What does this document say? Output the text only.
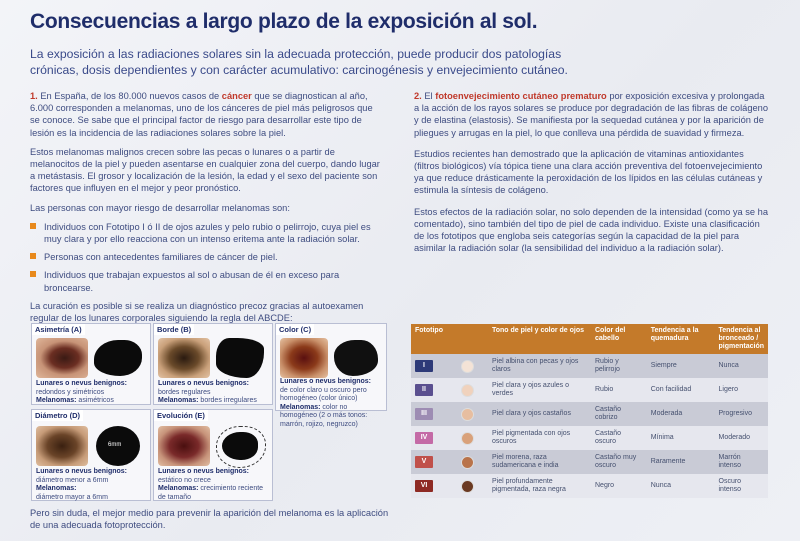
Consecuencias a largo plazo de la exposición al sol.
La exposición a las radiaciones solares sin la adecuada protección, puede producir dos patologías crónicas, dosis dependientes y con carácter acumulativo: carcinogénesis y envejecimiento cutáneo.

1. En España, de los 80.000 nuevos casos de cáncer que se diagnostican al año, 6.000 corresponden a melanomas, uno de los cánceres de piel más peligrosos que se conoce. Se sabe que el principal factor de riesgo para desarrollar este tipo de lesión es la incidencia de las radiaciones solares sobre la piel.

Estos melanomas malignos crecen sobre las pecas o lunares o a partir de melanocitos de la piel y pueden asentarse en cualquier zona del cuerpo, dando lugar a metástasis. El grosor y localización de la lesión, la edad y el sexo del paciente son factores que influyen en el mejor y peor pronóstico.

Las personas con mayor riesgo de desarrollar melanomas son:

Individuos con Fototipo I ó II de ojos azules y pelo rubio o pelirrojo, cuya piel es muy clara y por ello reacciona con un intenso eritema ante la radiación solar.
Personas con antecedentes familiares de cáncer de piel.
Individuos que trabajan expuestos al sol o abusan de él en exceso para broncearse.

La curación es posible si se realiza un diagnóstico precoz gracias al autoexamen regular de los lunares corporales siguiendo la regla del ABCDE:

Asimetría (A)
Lunares o nevus benignos:
redondos y simétricos
Melanomas: asimétricos
Borde (B)
Lunares o nevus benignos:
bordes regulares
Melanomas: bordes irregulares
Color (C)
Lunares o nevus benignos:
de color claro u oscuro pero homogéneo (color único)
Melanomas: color no homogéneo (2 o más tonos: marrón, rojizo, negruzco)
Diámetro (D)
6mm
Lunares o nevus benignos:
diámetro menor a 6mm
Melanomas:
diámetro mayor a 6mm
Evolución (E)
Lunares o nevus benignos:
estático no crece
Melanomas: crecimiento reciente de tamaño
Pero sin duda, el mejor medio para prevenir la aparición del melanoma es la aplicación de una adecuada fotoprotección.

2. El fotoenvejecimiento cutáneo prematuro por exposición excesiva y prolongada a la acción de los rayos solares se produce por degradación de las fibras de colágeno y de elastina (elastosis). Se manifiesta por la sequedad cutánea y por la aparición de pliegues y arrugas en la piel, lo que conlleva una pérdida de suavidad y firmeza.

Estudios recientes han demostrado que la aplicación de vitaminas antioxidantes (filtros biológicos) vía tópica tiene una clara acción preventiva del fotoenvejecimiento ya que reduce drásticamente la peroxidación de los lípidos en las células cutáneas y estimula la síntesis de colágeno.

Estos efectos de la radiación solar, no solo dependen de la intensidad (como ya se ha comentado), sino también del tipo de piel de cada individuo. Existe una clasificación de los fototipos que engloba seis categorías según la capacidad de la piel para asimilar la radiación solar (la sensibilidad del individuo a la radiación solar).

Fototipo	Tono de piel y color de ojos	Color del cabello	Tendencia a la quemadura	Tendencia al bronceado / pigmentación

I	Piel albina con pecas y ojos claros	Rubio y pelirrojo	Siempre	Nunca

II	Piel clara y ojos azules o verdes	Rubio	Con facilidad	Ligero

III	Piel clara y ojos castaños	Castaño cobrizo	Moderada	Progresivo

IV	Piel pigmentada con ojos oscuros	Castaño oscuro	Mínima	Moderado

V	Piel morena, raza sudamericana e india	Castaño muy oscuro	Raramente	Marrón intenso

VI	Piel profundamente pigmentada, raza negra	Negro	Nunca	Oscuro intenso
